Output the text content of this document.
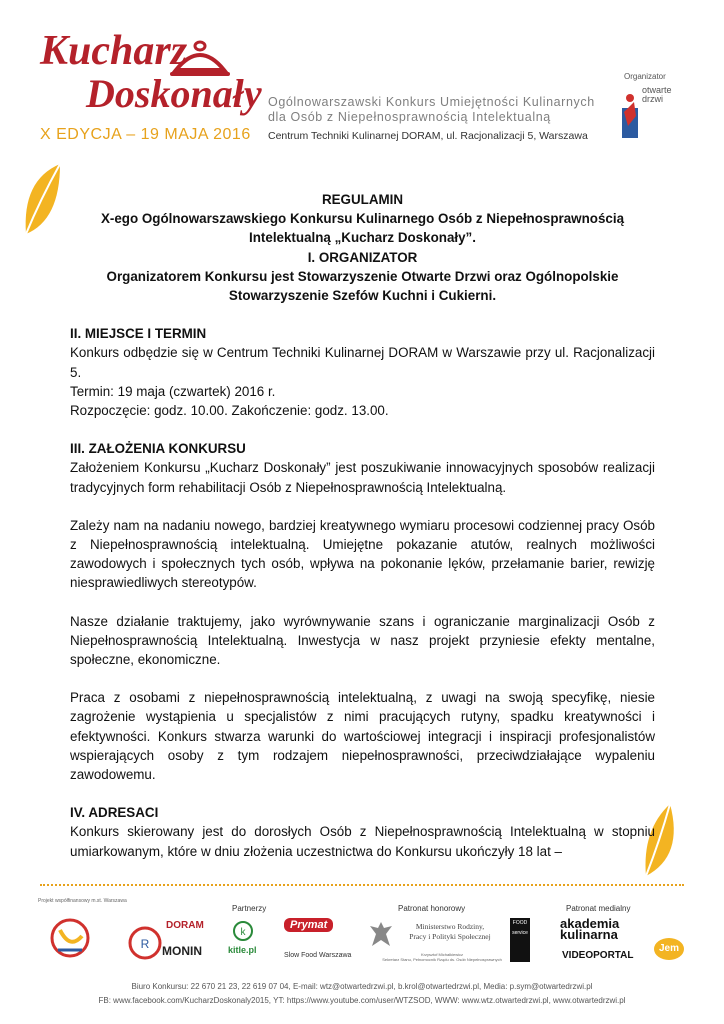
Kucharz
Doskonały
X EDYCJA – 19 MAJA 2016
Ogólnowarszawski Konkurs Umiejętności Kulinarnych
dla Osób z Niepełnosprawnością Intelektualną
Centrum Techniki Kulinarnej DORAM, ul. Racjonalizacji 5, Warszawa
Organizator
otwarte
drzwi
REGULAMIN
X-ego Ogólnowarszawskiego Konkursu Kulinarnego Osób z Niepełnosprawnością
Intelektualną „Kucharz Doskonały”.
I. ORGANIZATOR
Organizatorem Konkursu jest Stowarzyszenie Otwarte Drzwi oraz Ogólnopolskie Stowarzyszenie Szefów Kuchni i Cukierni.
II. MIEJSCE I TERMIN
Konkurs odbędzie się w Centrum Techniki Kulinarnej DORAM w Warszawie przy ul. Racjonalizacji 5.
Termin: 19 maja (czwartek) 2016 r.
Rozpoczęcie: godz. 10.00. Zakończenie: godz. 13.00.
III. ZAŁOŻENIA KONKURSU
Założeniem Konkursu „Kucharz Doskonały” jest poszukiwanie innowacyjnych sposobów realizacji tradycyjnych form rehabilitacji Osób z Niepełnosprawnością Intelektualną.
Zależy nam na nadaniu nowego, bardziej kreatywnego wymiaru procesowi codziennej pracy Osób z Niepełnosprawnością intelektualną. Umiejętne pokazanie atutów, realnych możliwości zawodowych i społecznych tych osób, wpływa na pokonanie lęków, przełamanie barier, rewizję niesprawiedliwych stereotypów.
Nasze działanie traktujemy, jako wyrównywanie szans i ograniczanie marginalizacji Osób z Niepełnosprawnością Intelektualną. Inwestycja w nasz projekt przyniesie efekty mentalne, społeczne, ekonomiczne.
Praca z osobami z niepełnosprawnością intelektualną, z uwagi na swoją specyfikę, niesie zagrożenie wystąpienia u specjalistów z nimi pracujących rutyny, spadku kreatywności i efektywności. Konkurs stwarza warunki do wartościowej integracji i inspiracji profesjonalistów wspierających osoby z tym rodzajem niepełnosprawności, przeciwdziałające wypaleniu zawodowemu.
IV. ADRESACI
Konkurs skierowany jest do dorosłych Osób z Niepełnosprawnością Intelektualną w stopniu umiarkowanym, które w dniu złożenia uczestnictwa do Konkursu ukończyły 18 lat –
Projekt współfinansowy m.st. Warszawa
Partnerzy
R
DORAM
MONIN
k
kitle.pl
Prymat
Slow Food Warszawa
Patronat honorowy
Ministerstwo Rodziny,
Pracy i Polityki Społecznej
Krzysztof Michałkiewicz
Sekretarz Stanu, Pełnomocnik Rządu ds. Osób Niepełnosprawnych
Patronat medialny
FOOD service
akademia
kulinarna
VIDEOPORTAL
Jem
Biuro Konkursu: 22 670 21 23, 22 619 07 04, E-mail: wtz@otwartedrzwi.pl, b.krol@otwartedrzwi.pl, Media: p.sym@otwartedrzwi.pl
FB: www.facebook.com/KucharzDoskonaly2015, YT: https://www.youtube.com/user/WTZSOD, WWW: www.wtz.otwartedrzwi.pl, www.otwartedrzwi.pl
